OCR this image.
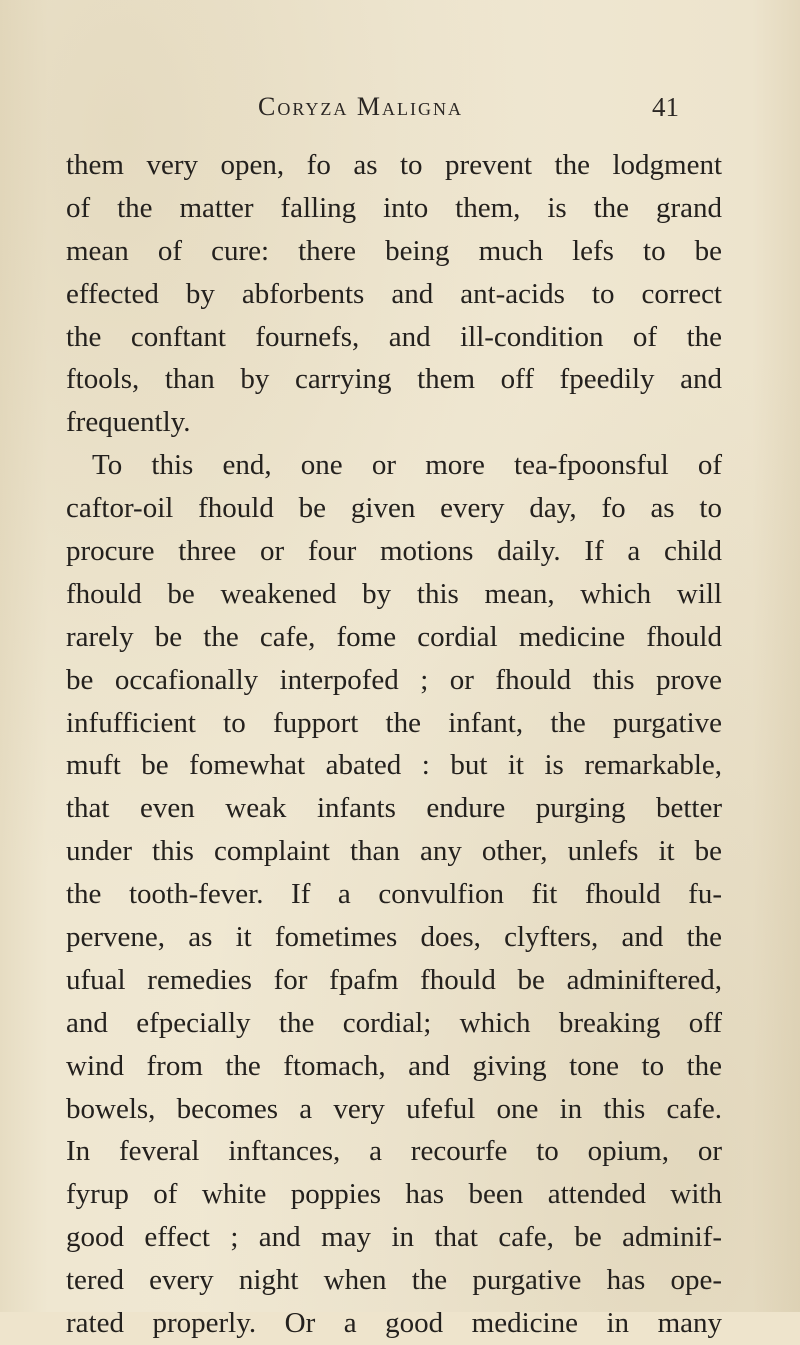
Coryza Maligna	41
them very open, fo as to prevent the lodgment
of the matter falling into them, is the grand
mean of cure: there being much lefs to be
effected by abforbents and ant-acids to correct
the conftant fournefs, and ill-condition of the
ftools, than by carrying them off fpeedily and
frequently.
To this end, one or more tea-fpoonsful of
caftor-oil fhould be given every day, fo as to
procure three or four motions daily. If a child
fhould be weakened by this mean, which will
rarely be the cafe, fome cordial medicine fhould
be occafionally interpofed ; or fhould this prove
infufficient to fupport the infant, the purgative
muft be fomewhat abated : but it is remarkable,
that even weak infants endure purging better
under this complaint than any other, unlefs it be
the tooth-fever. If a convulfion fit fhould fu-
pervene, as it fometimes does, clyfters, and the
ufual remedies for fpafm fhould be adminiftered,
and efpecially the cordial; which breaking off
wind from the ftomach, and giving tone to the
bowels, becomes a very ufeful one in this cafe.
In feveral inftances, a recourfe to opium, or
fyrup of white poppies has been attended with
good effect ; and may in that cafe, be adminif-
tered every night when the purgative has ope-
rated properly. Or a good medicine in many
